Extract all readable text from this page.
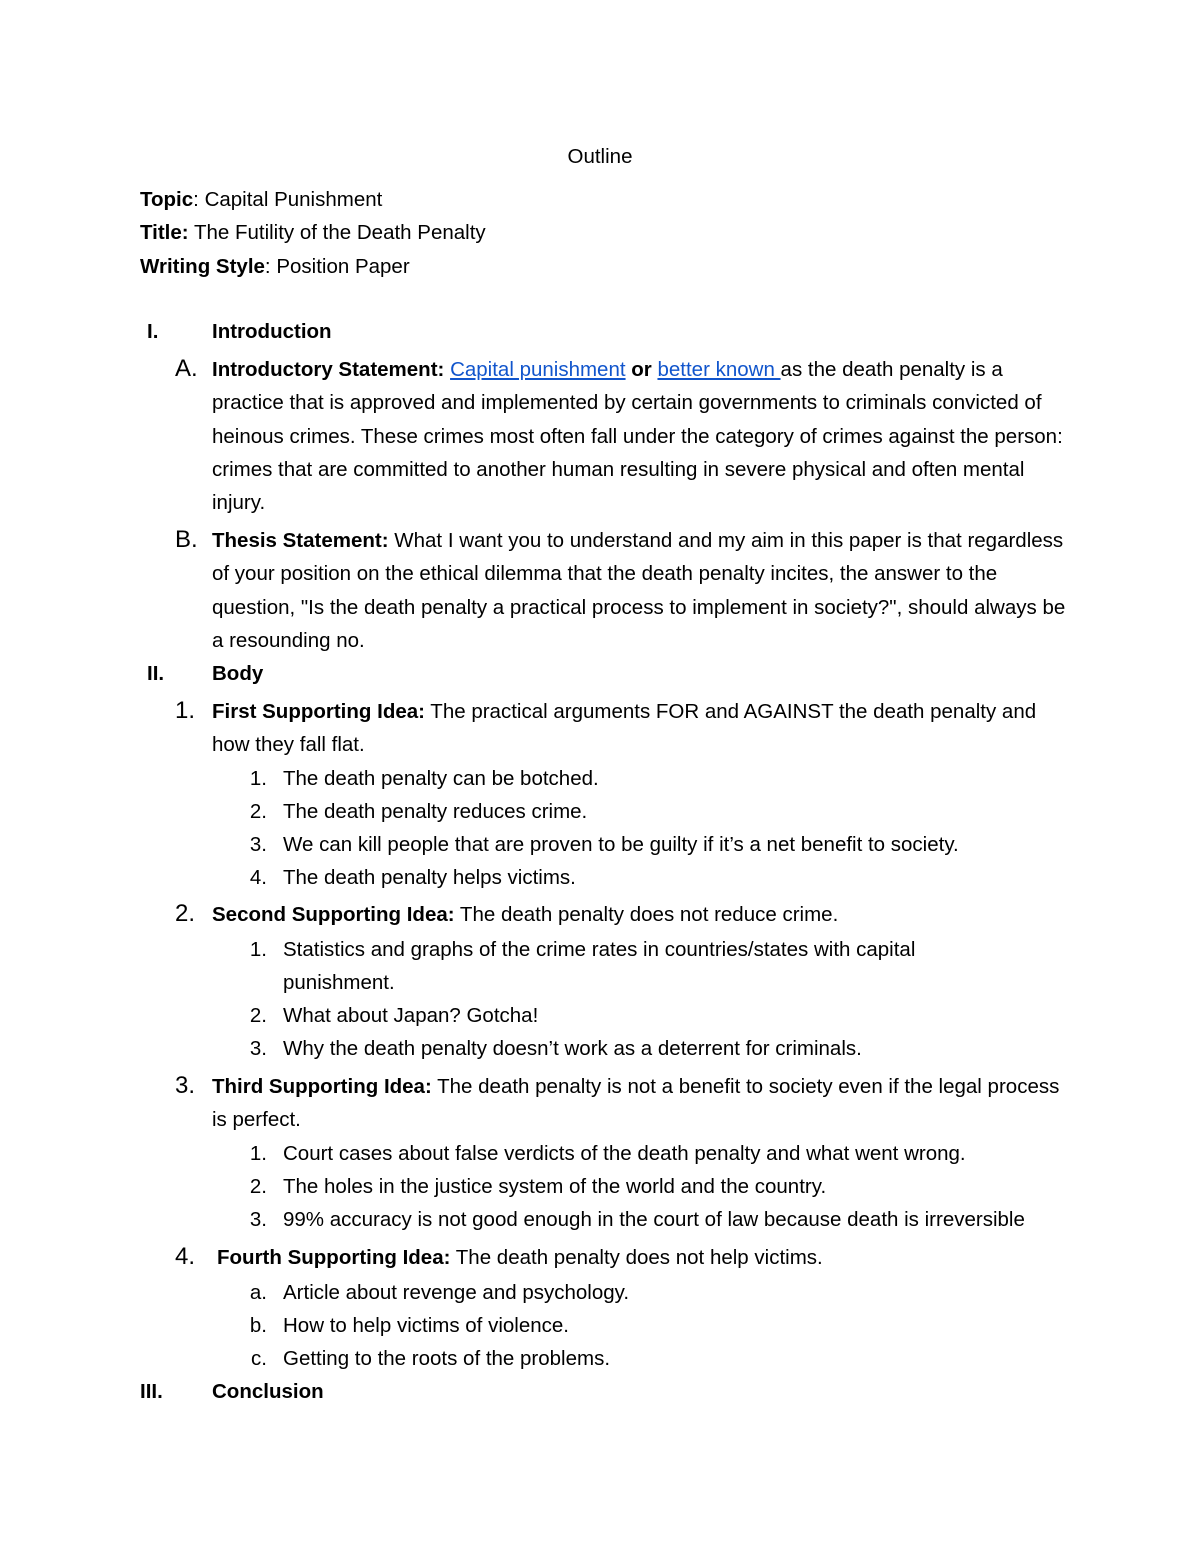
Outline
Topic: Capital Punishment
Title: The Futility of the Death Penalty
Writing Style: Position Paper
I.	Introduction
A. Introductory Statement: Capital punishment or better known as the death penalty is a practice that is approved and implemented by certain governments to criminals convicted of heinous crimes. These crimes most often fall under the category of crimes against the person: crimes that are committed to another human resulting in severe physical and often mental injury.
B. Thesis Statement: What I want you to understand and my aim in this paper is that regardless of your position on the ethical dilemma that the death penalty incites, the answer to the question, "Is the death penalty a practical process to implement in society?", should always be a resounding no.
II. Body
1. First Supporting Idea: The practical arguments FOR and AGAINST the death penalty and how they fall flat.
1. The death penalty can be botched.
2. The death penalty reduces crime.
3. We can kill people that are proven to be guilty if it’s a net benefit to society.
4. The death penalty helps victims.
2. Second Supporting Idea: The death penalty does not reduce crime.
1. Statistics and graphs of the crime rates in countries/states with capital
punishment.
2. What about Japan? Gotcha!
3. Why the death penalty doesn’t work as a deterrent for criminals.
3. Third Supporting Idea: The death penalty is not a benefit to society even if the legal process is perfect.
1. Court cases about false verdicts of the death penalty and what went wrong.
2. The holes in the justice system of the world and the country.
3. 99% accuracy is not good enough in the court of law because death is irreversible
4. Fourth Supporting Idea: The death penalty does not help victims.
a. Article about revenge and psychology.
b. How to help victims of violence.
c. Getting to the roots of the problems.
III. Conclusion
